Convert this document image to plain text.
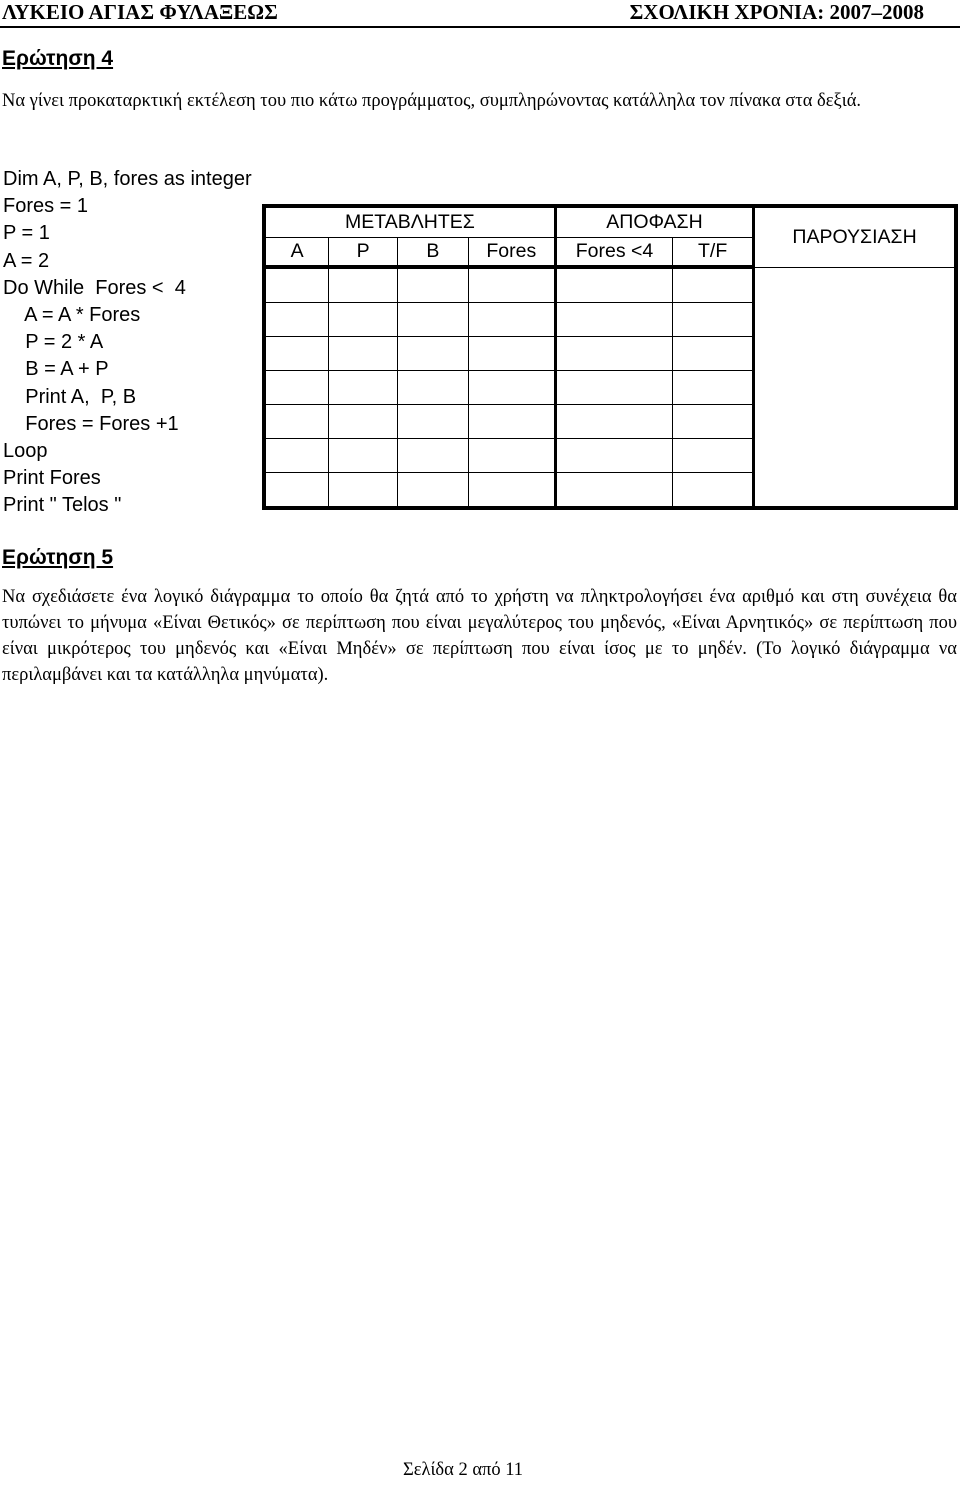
ΛΥΚΕΙΟ ΑΓΙΑΣ ΦΥΛΑΞΕΩΣ	ΣΧΟΛΙΚΗ ΧΡΟΝΙΑ: 2007–2008
Ερώτηση 4
Να γίνει προκαταρκτική εκτέλεση του πιο κάτω προγράμματος, συμπληρώνοντας κατάλληλα τον πίνακα στα δεξιά.
Dim A, P, B, fores as integer
Fores = 1
P = 1
A = 2
Do While  Fores <  4
A = A * Fores
P = 2 * A
B = A + P
Print A,  P, B
Fores = Fores +1
Loop
Print Fores
Print " Telos "
ΜΕΤΑΒΛΗΤΕΣ				ΑΠΟΦΑΣΗ		ΠΑΡΟΥΣΙΑΣΗ
A	P	B	Fores	Fores <4	T/F	

Ερώτηση 5
Να σχεδιάσετε ένα λογικό διάγραμμα το οποίο θα ζητά από το χρήστη να πληκτρολογήσει ένα αριθμό και στη συνέχεια θα τυπώνει το μήνυμα «Είναι Θετικός» σε περίπτωση που είναι μεγαλύτερος του μηδενός, «Είναι Αρνητικός» σε περίπτωση που είναι μικρότερος του μηδενός και «Είναι Μηδέν» σε περίπτωση που είναι ίσος με το μηδέν. (Το λογικό διάγραμμα να περιλαμβάνει και τα κατάλληλα μηνύματα).
Σελίδα 2 από 11
